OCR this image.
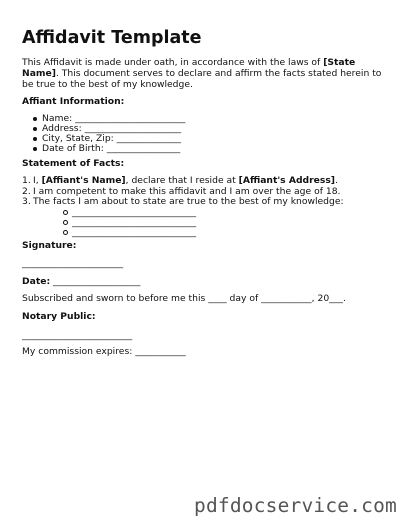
Affidavit Template

This Affidavit is made under oath, in accordance with the laws of [State Name]. This document serves to declare and affirm the facts stated herein to be true to the best of my knowledge.

Affiant Information:
Name: ________________________
Address: _____________________
City, State, Zip: ______________
Date of Birth: ________________
Statement of Facts:
1. I, [Affiant's Name], declare that I reside at [Affiant's Address].
2. I am competent to make this affidavit and I am over the age of 18.
3. The facts I am about to state are true to the best of my knowledge:
___________________________
___________________________
___________________________
Signature:

______________________

Date: ___________________

Subscribed and sworn to before me this ____ day of ___________, 20___.

Notary Public:

________________________

My commission expires: ___________

pdfdocservice.com
